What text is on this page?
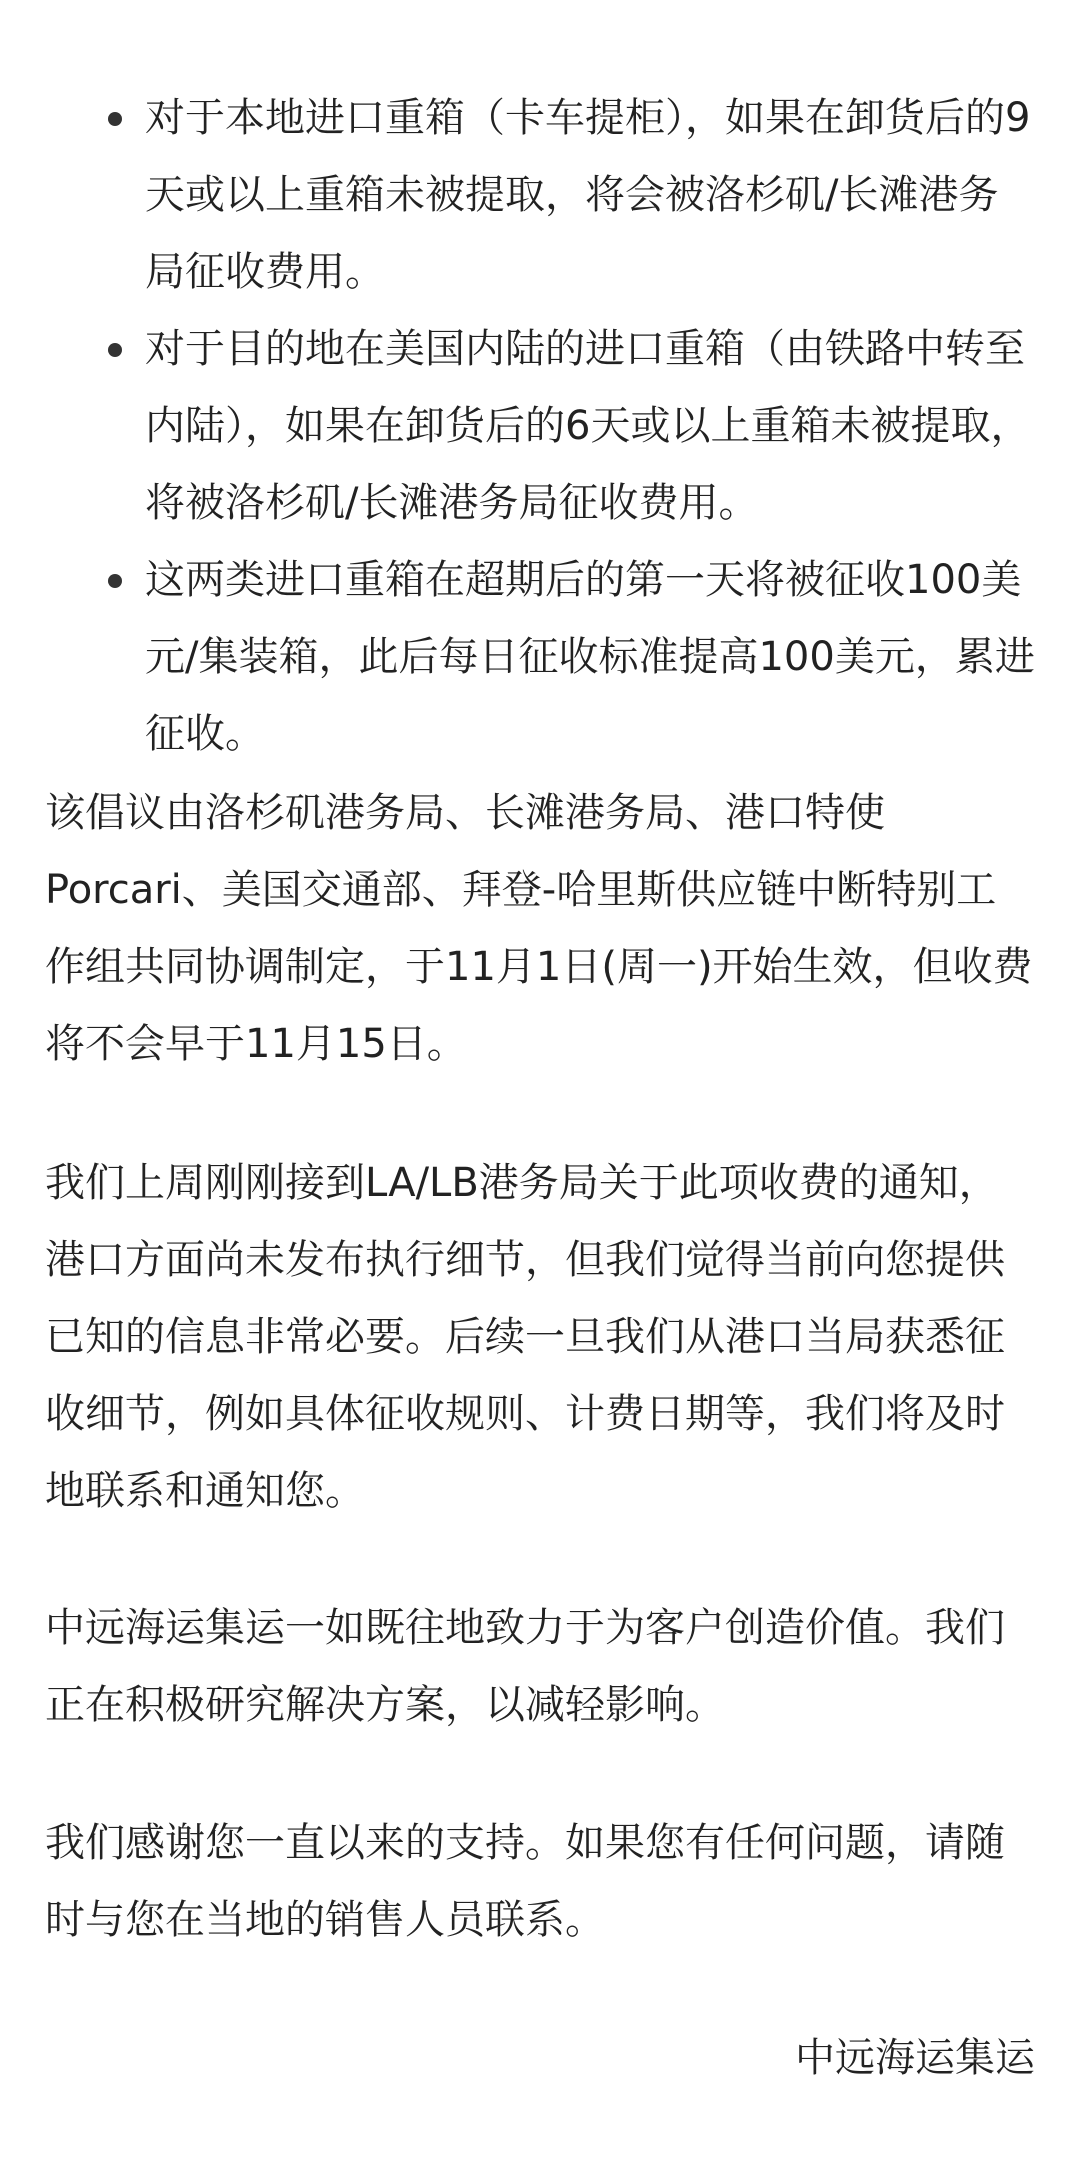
对于本地进口重箱（卡车提柜），如果在卸货后的9天或以上重箱未被提取，将会被洛杉矶/长滩港务局征收费用。
对于目的地在美国内陆的进口重箱（由铁路中转至内陆），如果在卸货后的6天或以上重箱未被提取，将被洛杉矶/长滩港务局征收费用。
这两类进口重箱在超期后的第一天将被征收100美元/集装箱，此后每日征收标准提高100美元，累进征收。

该倡议由洛杉矶港务局、长滩港务局、港口特使Porcari、美国交通部、拜登-哈里斯供应链中断特别工作组共同协调制定，于11月1日(周一)开始生效，但收费将不会早于11月15日。

我们上周刚刚接到LA/LB港务局关于此项收费的通知，港口方面尚未发布执行细节，但我们觉得当前向您提供已知的信息非常必要。后续一旦我们从港口当局获悉征收细节，例如具体征收规则、计费日期等，我们将及时地联系和通知您。

中远海运集运一如既往地致力于为客户创造价值。我们正在积极研究解决方案，以减轻影响。

我们感谢您一直以来的支持。如果您有任何问题，请随时与您在当地的销售人员联系。

中远海运集运
